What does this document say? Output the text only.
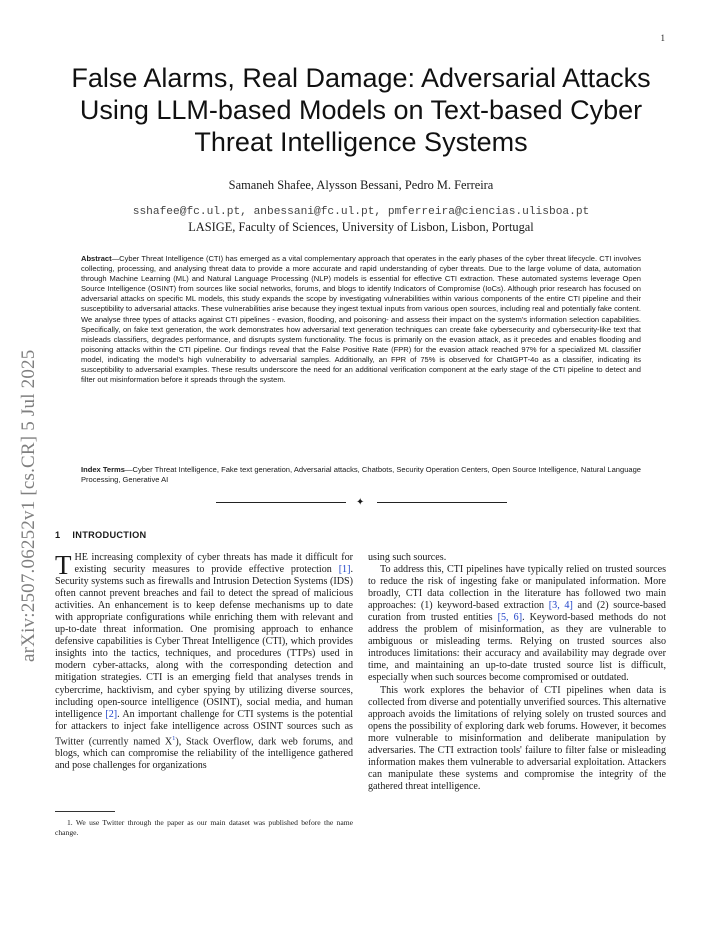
1
arXiv:2507.06252v1 [cs.CR] 5 Jul 2025
False Alarms, Real Damage: Adversarial Attacks Using LLM-based Models on Text-based Cyber Threat Intelligence Systems
Samaneh Shafee, Alysson Bessani, Pedro M. Ferreira
sshafee@fc.ul.pt, anbessani@fc.ul.pt, pmferreira@ciencias.ulisboa.pt
LASIGE, Faculty of Sciences, University of Lisbon, Lisbon, Portugal
Abstract—Cyber Threat Intelligence (CTI) has emerged as a vital complementary approach that operates in the early phases of the cyber threat lifecycle. CTI involves collecting, processing, and analysing threat data to provide a more accurate and rapid understanding of cyber threats. Due to the large volume of data, automation through Machine Learning (ML) and Natural Language Processing (NLP) models is essential for effective CTI extraction. These automated systems leverage Open Source Intelligence (OSINT) from sources like social networks, forums, and blogs to identify Indicators of Compromise (IoCs). Although prior research has focused on adversarial attacks on specific ML models, this study expands the scope by investigating vulnerabilities within various components of the entire CTI pipeline and their susceptibility to adversarial attacks. These vulnerabilities arise because they ingest textual inputs from various open sources, including real and potentially fake content. We analyse three types of attacks against CTI pipelines - evasion, flooding, and poisoning- and assess their impact on the system's information selection capabilities. Specifically, on fake text generation, the work demonstrates how adversarial text generation techniques can create fake cybersecurity and cybersecurity-like text that misleads classifiers, degrades performance, and disrupts system functionality. The focus is primarily on the evasion attack, as it precedes and enables flooding and poisoning attacks within the CTI pipeline. Our findings reveal that the False Positive Rate (FPR) for the evasion attack reached 97% for a specialized ML classifier model, indicating the model's high vulnerability to adversarial samples. Additionally, an FPR of 75% is observed for ChatGPT-4o as a classifier, indicating its susceptibility to adversarial examples. These results underscore the need for an additional verification component at the early stage of the CTI pipeline to detect and filter out misinformation before it spreads through the system.
Index Terms—Cyber Threat Intelligence, Fake text generation, Adversarial attacks, Chatbots, Security Operation Centers, Open Source Intelligence, Natural Language Processing, Generative AI
✦
1 INTRODUCTION

THE increasing complexity of cyber threats has made it difficult for existing security measures to provide effective protection [1]. Security systems such as firewalls and Intrusion Detection Systems (IDS) often cannot prevent breaches and fail to detect the spread of malicious activities. An enhancement is to keep defense mechanisms up to date with appropriate configurations while enriching them with relevant and up-to-date threat information. One promising approach to enhance defensive capabilities is Cyber Threat Intelligence (CTI), which provides insights into the tactics, techniques, and procedures (TTPs) used in modern cyber-attacks, along with the corresponding detection and mitigation strategies. CTI is an emerging field that analyses trends in cybercrime, hacktivism, and cyber spying by utilizing diverse sources, including open-source intelligence (OSINT), social media, and human intelligence [2]. An important challenge for CTI systems is the potential for attackers to inject fake intelligence across OSINT sources such as Twitter (currently named X$^1$), Stack Overflow, dark web forums, and blogs, which can compromise the reliability of the intelligence gathered and pose challenges for organizations

using such sources.

To address this, CTI pipelines have typically relied on trusted sources to reduce the risk of ingesting fake or manipulated information. More broadly, CTI data collection in the literature has followed two main approaches: (1) keyword-based extraction [3, 4] and (2) source-based curation from trusted entities [5, 6]. Keyword-based methods do not address the problem of misinformation, as they are vulnerable to ambiguous or misleading terms. Relying on trusted sources also introduces limitations: their accuracy and availability may degrade over time, and maintaining an up-to-date trusted source list is difficult, especially when such sources become compromised or outdated.

This work explores the behavior of CTI pipelines when data is collected from diverse and potentially unverified sources. This alternative approach avoids the limitations of relying solely on trusted sources and opens the possibility of exploring dark web forums. However, it becomes more vulnerable to misinformation and deliberate manipulation by adversaries. The CTI extraction tools' failure to filter false or misleading information makes them vulnerable to adversarial exploitation. Attackers can manipulate these systems and compromise the integrity of the gathered threat intelligence.

1. We use Twitter through the paper as our main dataset was published before the name change.
